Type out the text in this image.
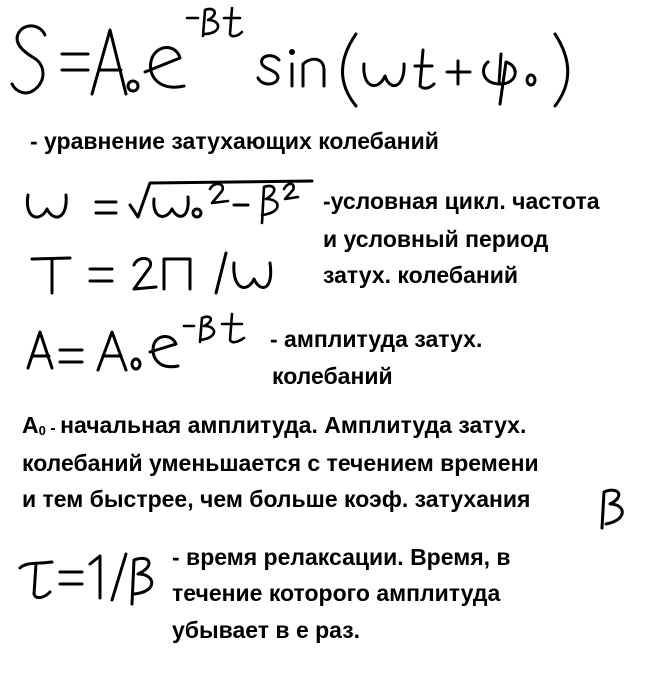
- уравнение затухающих колебаний
-условная цикл. частота
и условный период
затух. колебаний
- амплитуда затух.
колебаний
A0 - начальная амплитуда. Амплитуда затух.
колебаний уменьшается с течением времени
и тем быстрее, чем больше коэф. затухания
- время релаксации. Время, в
течение которого амплитуда
убывает в е раз.
